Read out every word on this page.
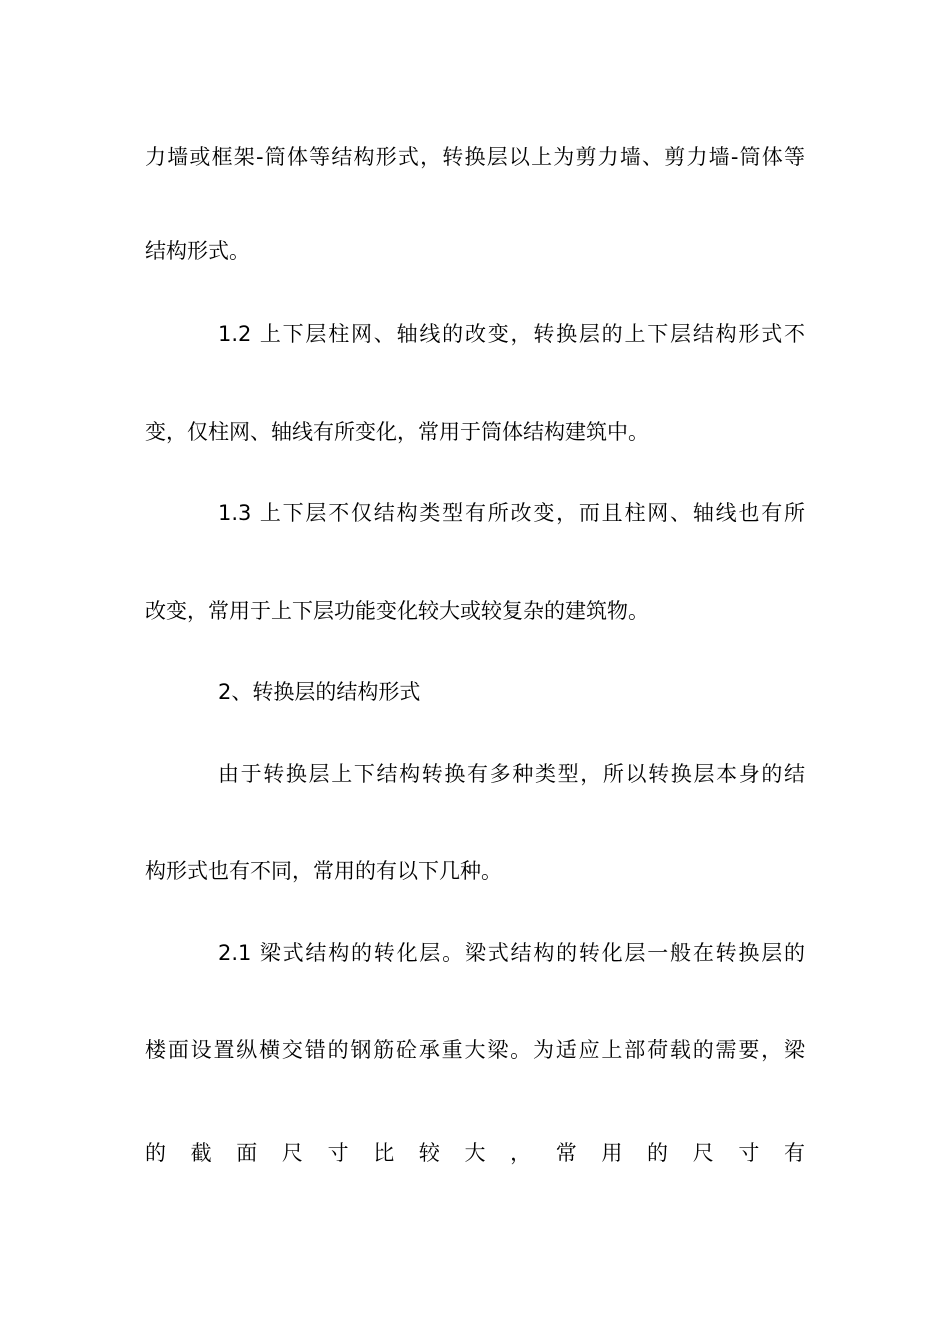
力墙或框架-筒体等结构形式，转换层以上为剪力墙、剪力墙-筒体等
结构形式。
1.2 上下层柱网、轴线的改变，转换层的上下层结构形式不
变，仅柱网、轴线有所变化，常用于筒体结构建筑中。
1.3 上下层不仅结构类型有所改变，而且柱网、轴线也有所
改变，常用于上下层功能变化较大或较复杂的建筑物。
2、转换层的结构形式
由于转换层上下结构转换有多种类型，所以转换层本身的结
构形式也有不同，常用的有以下几种。
2.1 梁式结构的转化层。梁式结构的转化层一般在转换层的
楼面设置纵横交错的钢筋砼承重大梁。为适应上部荷载的需要，梁
的 截 面 尺 寸 比 较 大 ， 常 用 的 尺 寸 有
